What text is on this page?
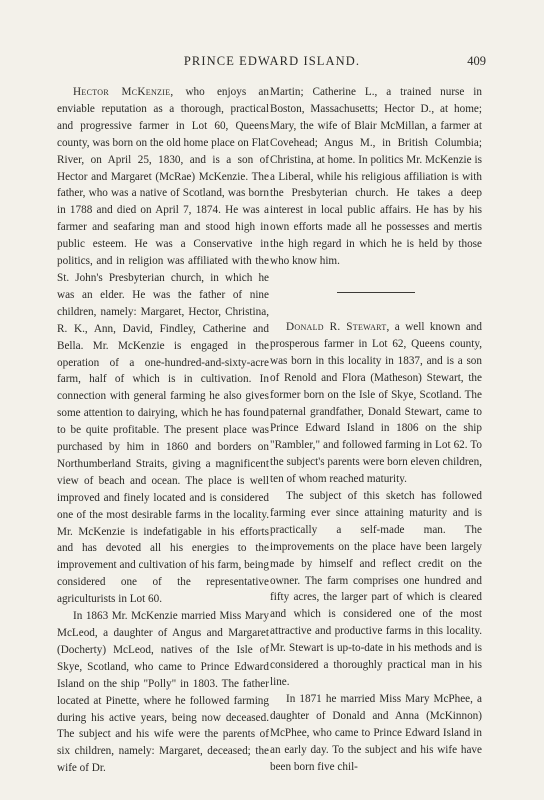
PRINCE EDWARD ISLAND.	409

Hector McKenzie, who enjoys an enviable reputation as a thorough, practical and progressive farmer in Lot 60, Queens county, was born on the old home place on Flat River, on April 25, 1830, and is a son of Hector and Margaret (McRae) McKenzie. The father, who was a native of Scotland, was born in 1788 and died on April 7, 1874. He was a farmer and seafaring man and stood high in public esteem. He was a Conservative in politics, and in religion was affiliated with the St. John's Presbyterian church, in which he was an elder. He was the father of nine children, namely: Margaret, Hector, Christina, R. K., Ann, David, Findley, Catherine and Bella. Mr. McKenzie is engaged in the operation of a one-hundred-and-sixty-acre farm, half of which is in cultivation. In connection with general farming he also gives some attention to dairying, which he has found to be quite profitable. The present place was purchased by him in 1860 and borders on Northumberland Straits, giving a magnificent view of beach and ocean. The place is well improved and finely located and is considered one of the most desirable farms in the locality. Mr. McKenzie is indefatigable in his efforts and has devoted all his energies to the improvement and cultivation of his farm, being considered one of the representative agriculturists in Lot 60.

In 1863 Mr. McKenzie married Miss Mary McLeod, a daughter of Angus and Margaret (Docherty) McLeod, natives of the Isle of Skye, Scotland, who came to Prince Edward Island on the ship "Polly" in 1803. The father located at Pinette, where he followed farming during his active years, being now deceased. The subject and his wife were the parents of six children, namely: Margaret, deceased; the wife of Dr.

Martin; Catherine L., a trained nurse in Boston, Massachusetts; Hector D., at home; Mary, the wife of Blair McMillan, a farmer at Covehead; Angus M., in British Columbia; Christina, at home. In politics Mr. McKenzie is a Liberal, while his religious affiliation is with the Presbyterian church. He takes a deep interest in local public affairs. He has by his own efforts made all he possesses and mertis the high regard in which he is held by those who know him.

Donald R. Stewart, a well known and prosperous farmer in Lot 62, Queens county, was born in this locality in 1837, and is a son of Renold and Flora (Matheson) Stewart, the former born on the Isle of Skye, Scotland. The paternal grandfather, Donald Stewart, came to Prince Edward Island in 1806 on the ship "Rambler," and followed farming in Lot 62. To the subject's parents were born eleven children, ten of whom reached maturity.

The subject of this sketch has followed farming ever since attaining maturity and is practically a self-made man. The improvements on the place have been largely made by himself and reflect credit on the owner. The farm comprises one hundred and fifty acres, the larger part of which is cleared and which is considered one of the most attractive and productive farms in this locality. Mr. Stewart is up-to-date in his methods and is considered a thoroughly practical man in his line.

In 1871 he married Miss Mary McPhee, a daughter of Donald and Anna (McKinnon) McPhee, who came to Prince Edward Island in an early day. To the subject and his wife have been born five chil-
